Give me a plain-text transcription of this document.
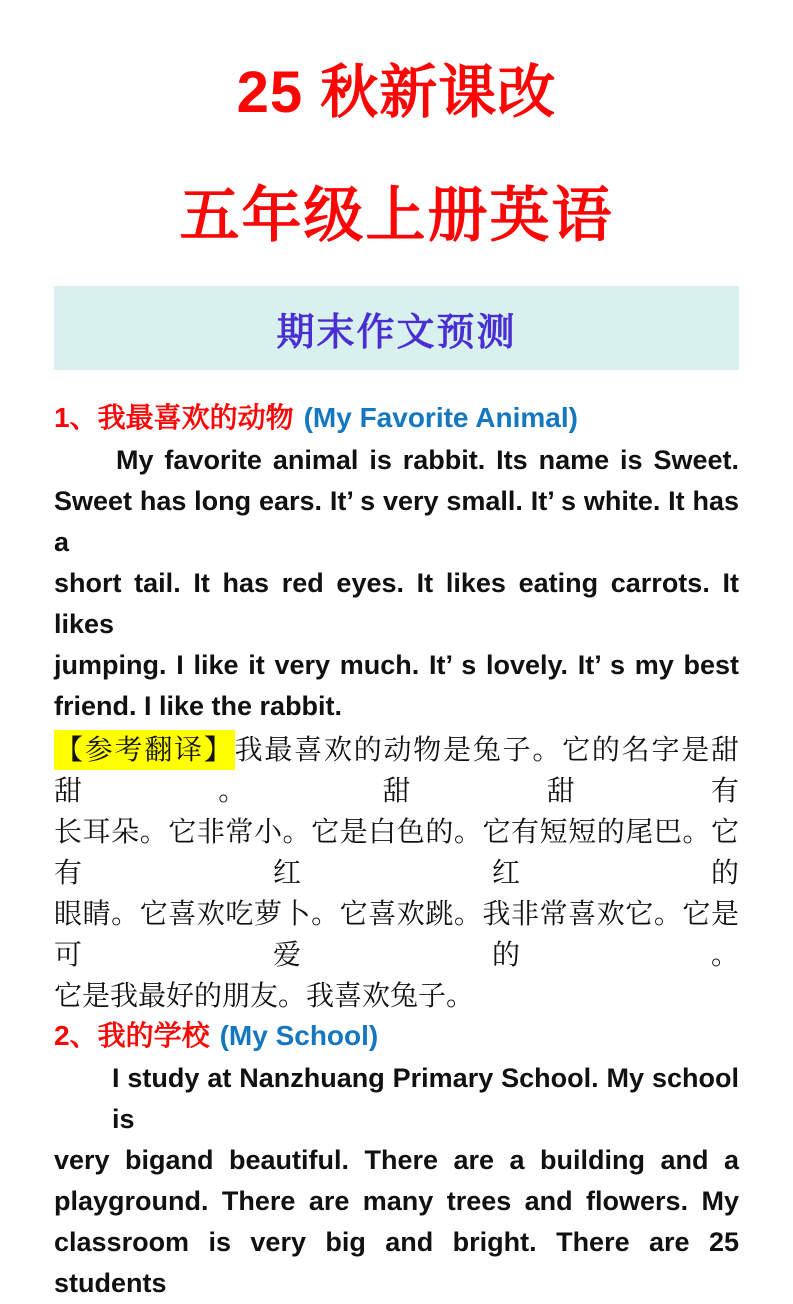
25 秋新课改
五年级上册英语
期末作文预测
1、我最喜欢的动物 (My Favorite Animal)
My favorite animal is rabbit. Its name is Sweet.
Sweet has long ears. It’ s very small. It’ s white. It has a
short tail. It has red eyes. It likes eating carrots. It likes
jumping. I like it very much. It’ s lovely. It’ s my best
friend. I like the rabbit.
【参考翻译】我最喜欢的动物是兔子。它的名字是甜甜。甜甜有
长耳朵。它非常小。它是白色的。它有短短的尾巴。它有红红的
眼睛。它喜欢吃萝卜。它喜欢跳。我非常喜欢它。它是可爱的。
它是我最好的朋友。我喜欢兔子。
2、我的学校 (My School)
I study at Nanzhuang Primary School. My school is
very bigand beautiful. There are a building and a
playground. There are many trees and flowers. My
classroom is very big and bright. There are 25 students
